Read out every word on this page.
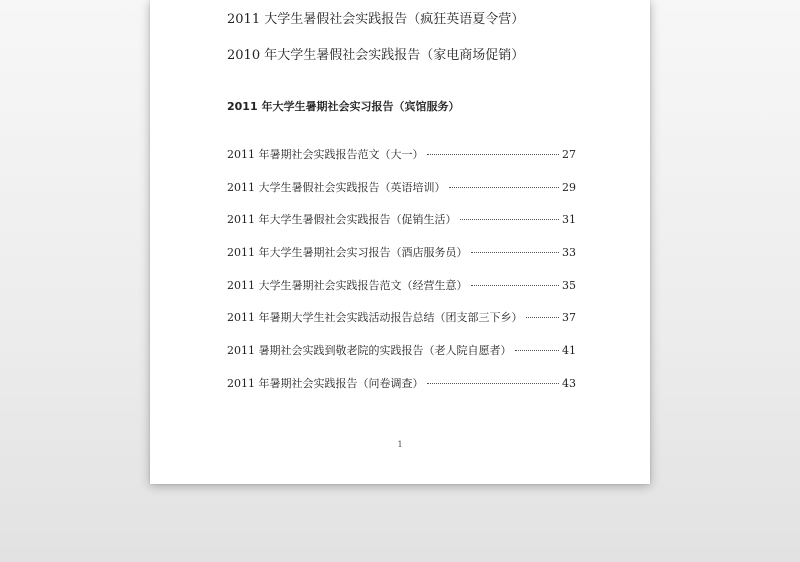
2011 大学生暑假社会实践报告（疯狂英语夏令营）
2010 年大学生暑假社会实践报告（家电商场促销）
2011 年大学生暑期社会实习报告（宾馆服务）
2011 年暑期社会实践报告范文（大一）	27
2011 大学生暑假社会实践报告（英语培训）	29
2011 年大学生暑假社会实践报告（促销生活）	31
2011 年大学生暑期社会实习报告（酒店服务员）	33
2011 大学生暑期社会实践报告范文（经营生意）	35
2011 年暑期大学生社会实践活动报告总结（团支部三下乡）	37
2011 暑期社会实践到敬老院的实践报告（老人院自愿者）	41
2011 年暑期社会实践报告（问卷调查）	43
1
